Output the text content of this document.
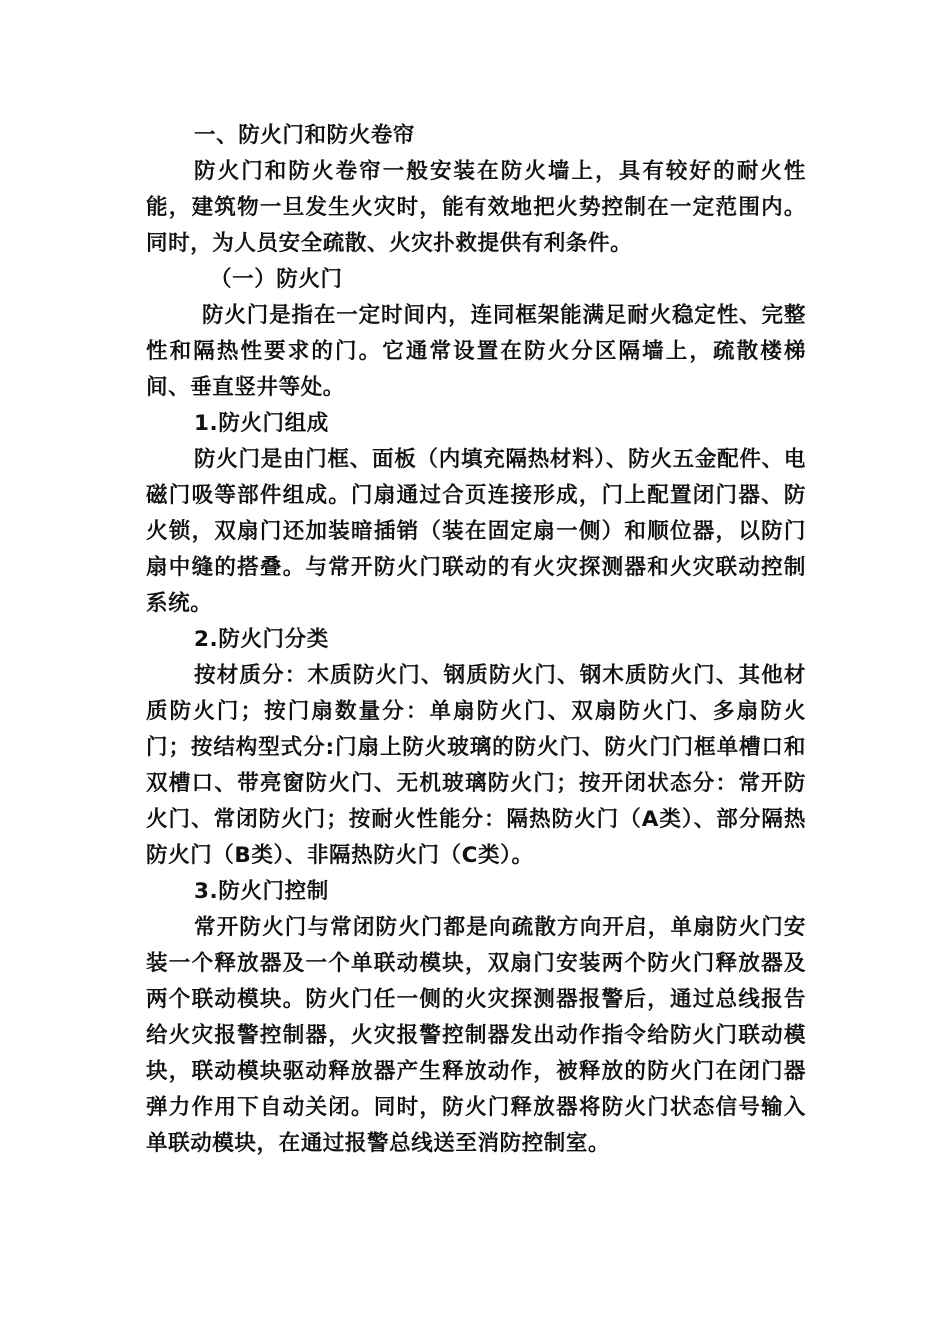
一、防火门和防火卷帘

防火门和防火卷帘一般安装在防火墙上，具有较好的耐火性能，建筑物一旦发生火灾时，能有效地把火势控制在一定范围内。同时，为人员安全疏散、火灾扑救提供有利条件。

（一）防火门

防火门是指在一定时间内，连同框架能满足耐火稳定性、完整性和隔热性要求的门。它通常设置在防火分区隔墙上，疏散楼梯间、垂直竖井等处。

1.防火门组成

防火门是由门框、面板（内填充隔热材料）、防火五金配件、电磁门吸等部件组成。门扇通过合页连接形成，门上配置闭门器、防火锁，双扇门还加装暗插销（装在固定扇一侧）和顺位器，以防门扇中缝的搭叠。与常开防火门联动的有火灾探测器和火灾联动控制系统。

2.防火门分类

按材质分：木质防火门、钢质防火门、钢木质防火门、其他材质防火门；按门扇数量分：单扇防火门、双扇防火门、多扇防火门；按结构型式分:门扇上防火玻璃的防火门、防火门门框单槽口和双槽口、带亮窗防火门、无机玻璃防火门；按开闭状态分：常开防火门、常闭防火门；按耐火性能分：隔热防火门（A类）、部分隔热防火门（B类）、非隔热防火门（C类）。

3.防火门控制

常开防火门与常闭防火门都是向疏散方向开启，单扇防火门安装一个释放器及一个单联动模块，双扇门安装两个防火门释放器及两个联动模块。防火门任一侧的火灾探测器报警后，通过总线报告给火灾报警控制器，火灾报警控制器发出动作指令给防火门联动模块，联动模块驱动释放器产生释放动作，被释放的防火门在闭门器弹力作用下自动关闭。同时，防火门释放器将防火门状态信号输入单联动模块，在通过报警总线送至消防控制室。
